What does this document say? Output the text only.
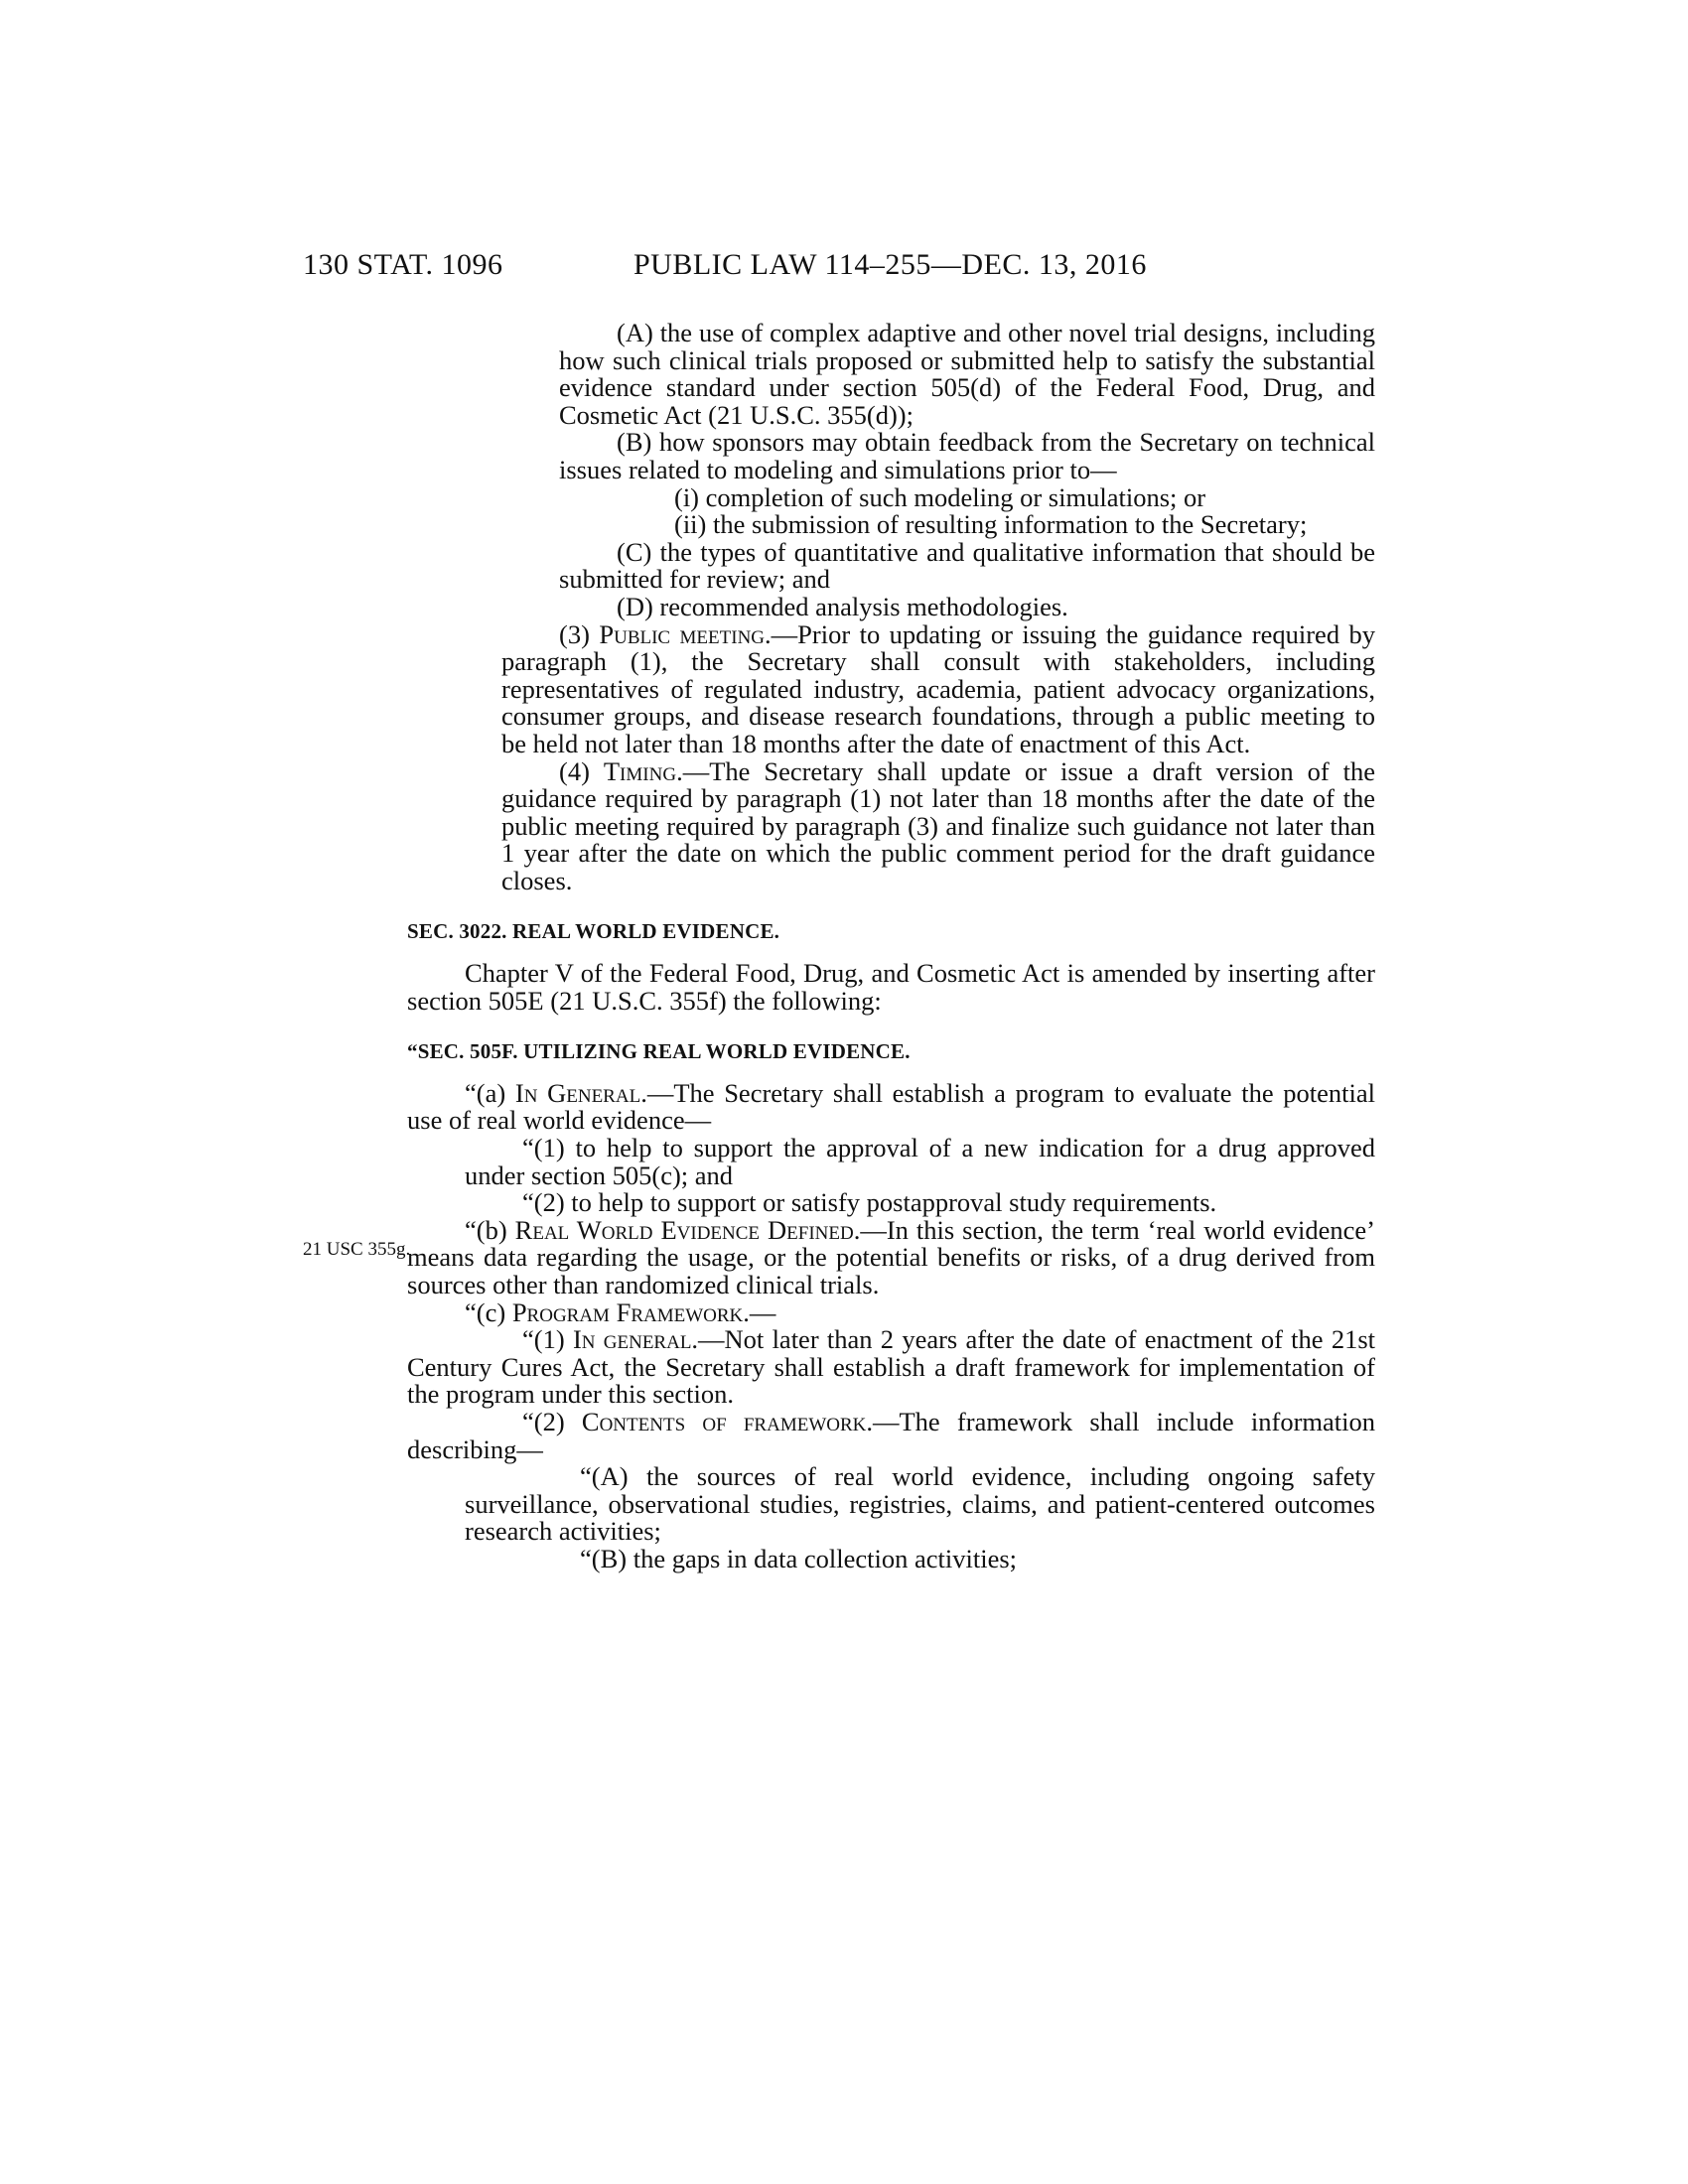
130 STAT. 1096	PUBLIC LAW 114–255—DEC. 13, 2016

(A) the use of complex adaptive and other novel trial designs, including how such clinical trials proposed or submitted help to satisfy the substantial evidence standard under section 505(d) of the Federal Food, Drug, and Cosmetic Act (21 U.S.C. 355(d));

(B) how sponsors may obtain feedback from the Secretary on technical issues related to modeling and simulations prior to—

(i) completion of such modeling or simulations; or

(ii) the submission of resulting information to the Secretary;

(C) the types of quantitative and qualitative information that should be submitted for review; and

(D) recommended analysis methodologies.

(3) Public meeting.—Prior to updating or issuing the guidance required by paragraph (1), the Secretary shall consult with stakeholders, including representatives of regulated industry, academia, patient advocacy organizations, consumer groups, and disease research foundations, through a public meeting to be held not later than 18 months after the date of enactment of this Act.

(4) Timing.—The Secretary shall update or issue a draft version of the guidance required by paragraph (1) not later than 18 months after the date of the public meeting required by paragraph (3) and finalize such guidance not later than 1 year after the date on which the public comment period for the draft guidance closes.

SEC. 3022. REAL WORLD EVIDENCE.

Chapter V of the Federal Food, Drug, and Cosmetic Act is amended by inserting after section 505E (21 U.S.C. 355f) the following:

“SEC. 505F. UTILIZING REAL WORLD EVIDENCE.

“(a) In General.—The Secretary shall establish a program to evaluate the potential use of real world evidence—

“(1) to help to support the approval of a new indication for a drug approved under section 505(c); and

“(2) to help to support or satisfy postapproval study requirements.

“(b) Real World Evidence Defined.—In this section, the term ‘real world evidence’ means data regarding the usage, or the potential benefits or risks, of a drug derived from sources other than randomized clinical trials.

“(c) Program Framework.—

“(1) In general.—Not later than 2 years after the date of enactment of the 21st Century Cures Act, the Secretary shall establish a draft framework for implementation of the program under this section.

“(2) Contents of framework.—The framework shall include information describing—

“(A) the sources of real world evidence, including ongoing safety surveillance, observational studies, registries, claims, and patient-centered outcomes research activities;

“(B) the gaps in data collection activities;

21 USC 355g.
